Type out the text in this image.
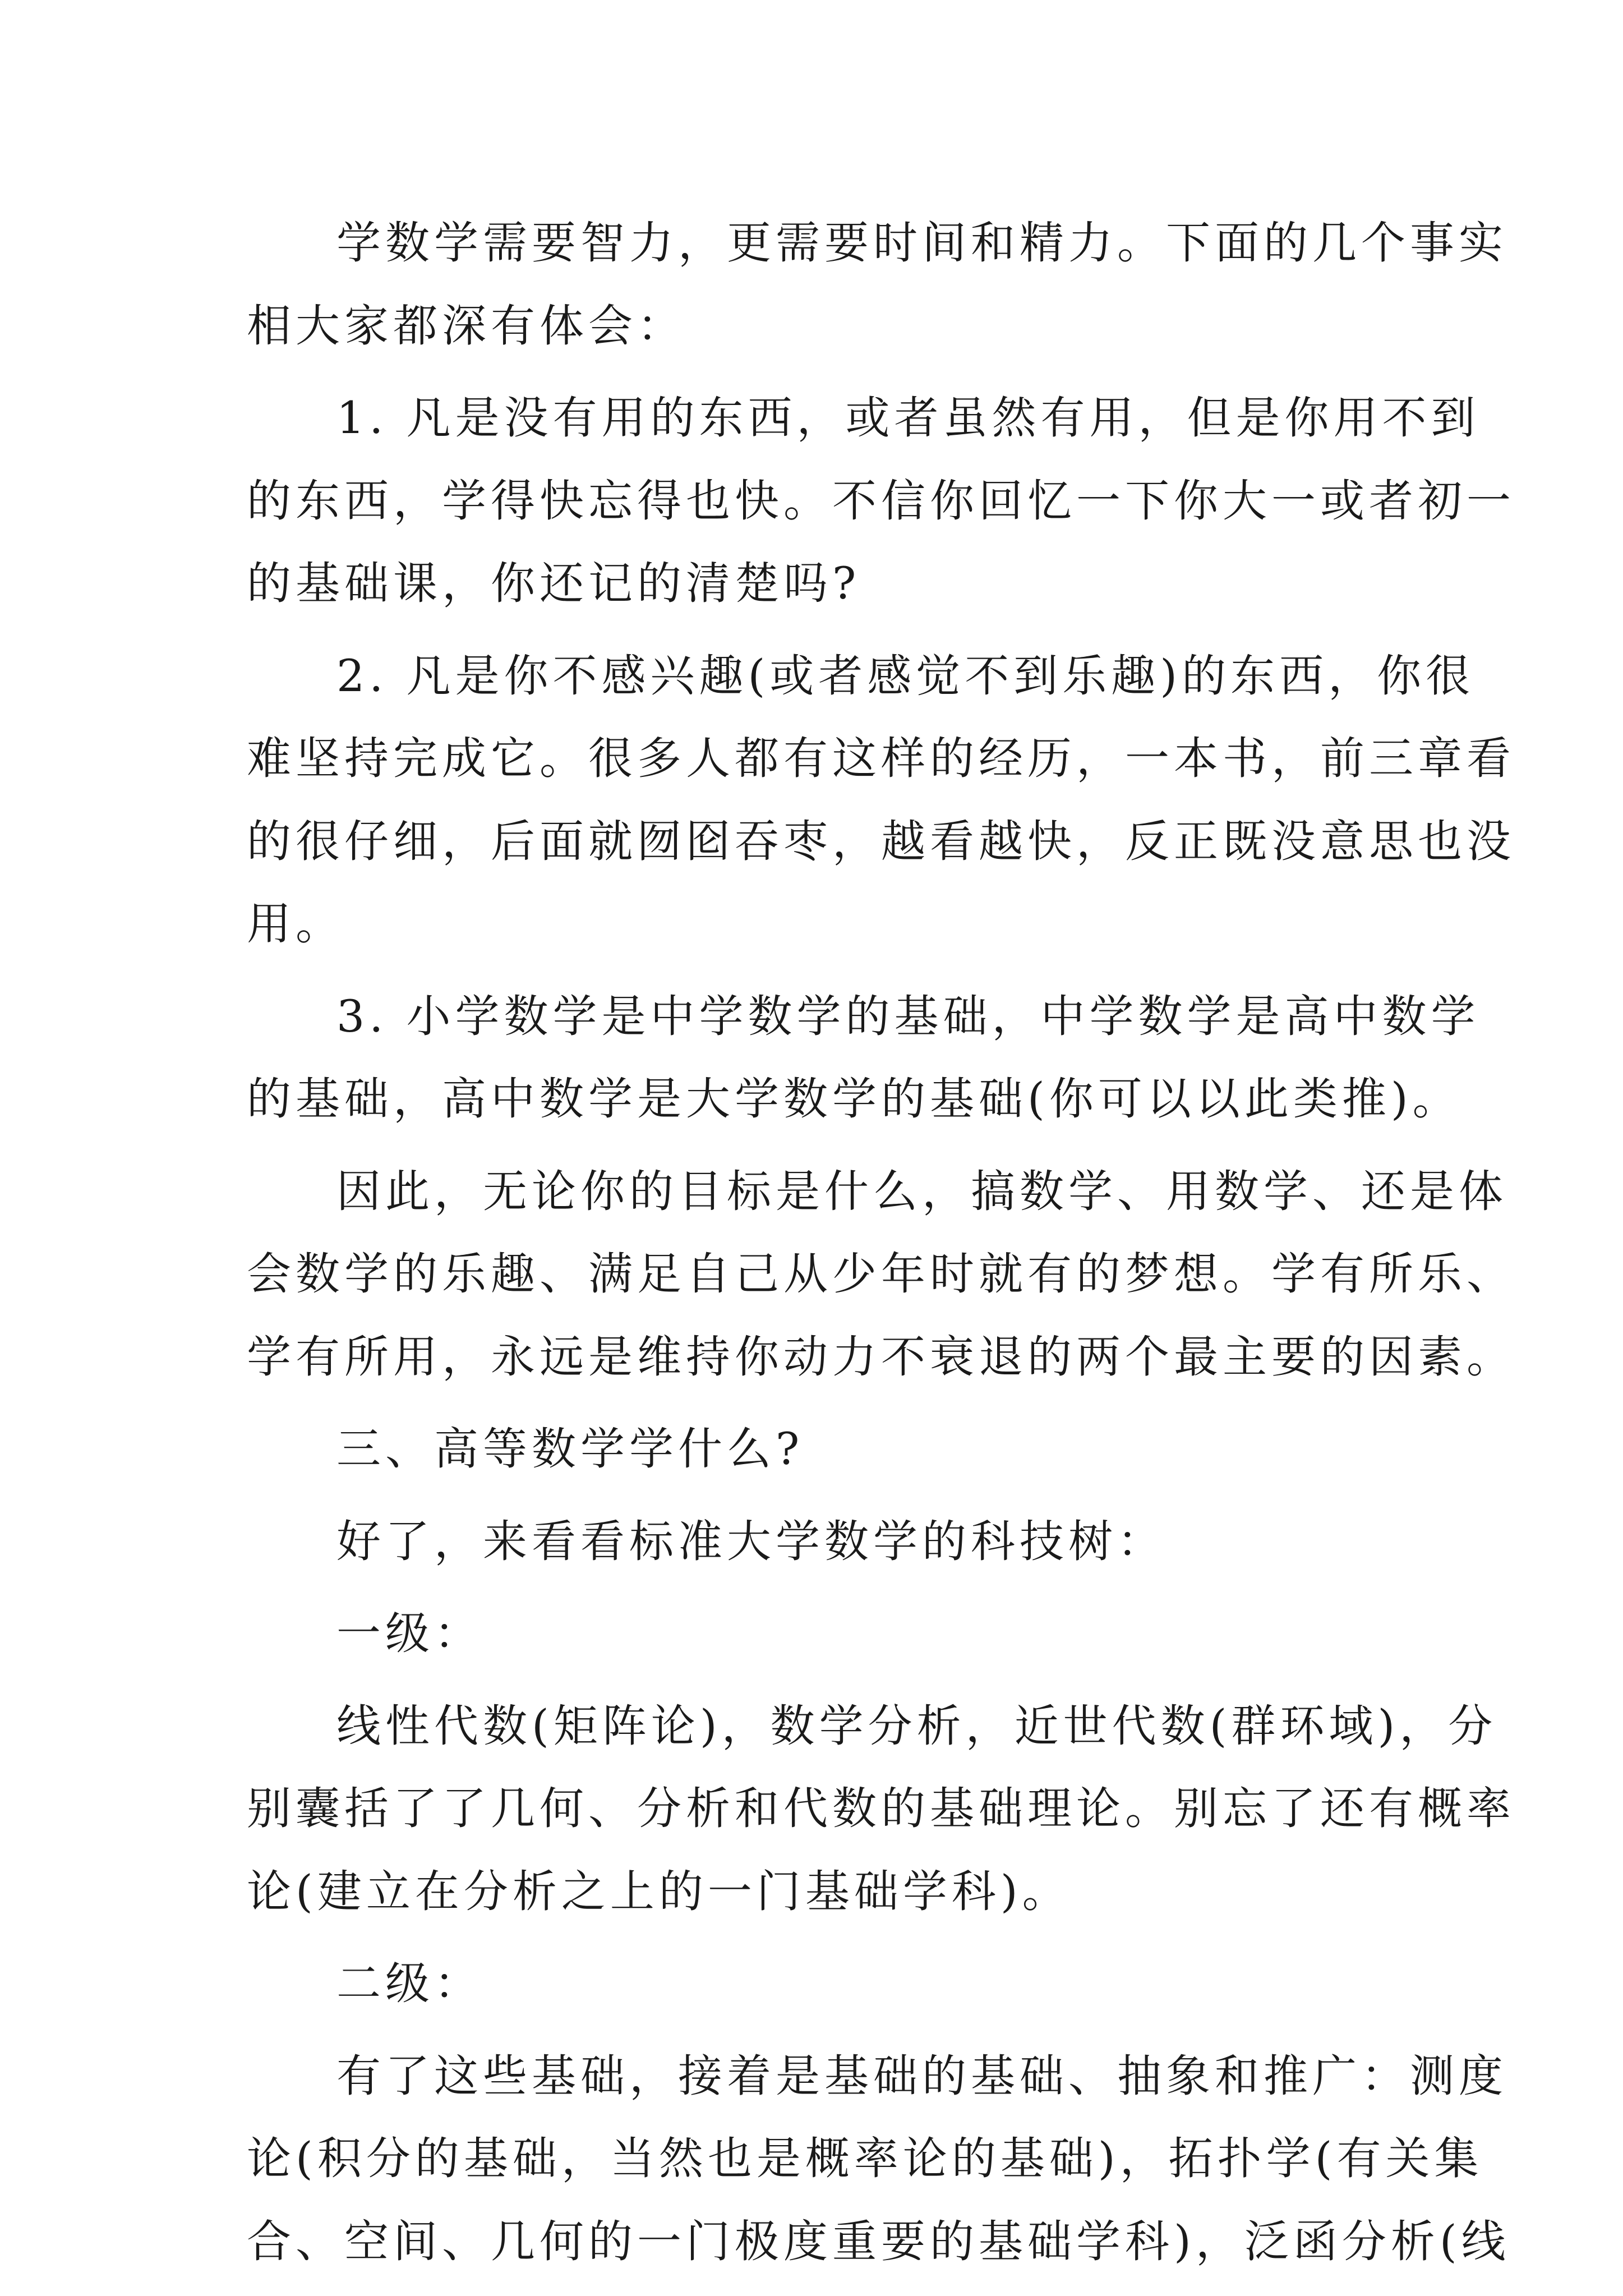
学数学需要智力，更需要时间和精力。下面的几个事实
相大家都深有体会：
1. 凡是没有用的东西，或者虽然有用，但是你用不到
的东西，学得快忘得也快。不信你回忆一下你大一或者初一
的基础课，你还记的清楚吗?
2. 凡是你不感兴趣(或者感觉不到乐趣)的东西，你很
难坚持完成它。很多人都有这样的经历，一本书，前三章看
的很仔细，后面就囫囵吞枣，越看越快，反正既没意思也没
用。
3. 小学数学是中学数学的基础，中学数学是高中数学
的基础，高中数学是大学数学的基础(你可以以此类推)。
因此，无论你的目标是什么，搞数学、用数学、还是体
会数学的乐趣、满足自己从少年时就有的梦想。学有所乐、
学有所用，永远是维持你动力不衰退的两个最主要的因素。
三、高等数学学什么?
好了，来看看标准大学数学的科技树：
一级：
线性代数(矩阵论)，数学分析，近世代数(群环域)，分
别囊括了了几何、分析和代数的基础理论。别忘了还有概率
论(建立在分析之上的一门基础学科)。
二级：
有了这些基础，接着是基础的基础、抽象和推广：测度
论(积分的基础，当然也是概率论的基础)，拓扑学(有关集
合、空间、几何的一门极度重要的基础学科)，泛函分析(线
